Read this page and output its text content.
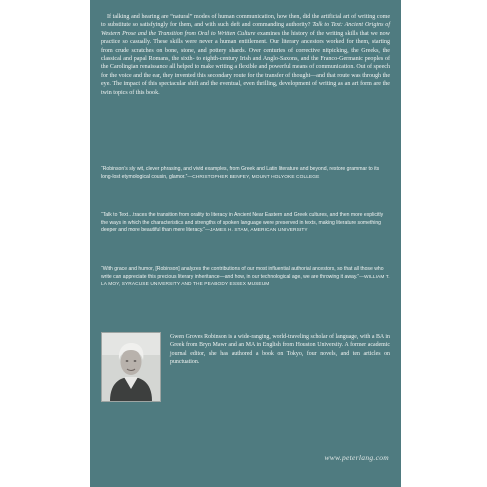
If talking and hearing are “natural” modes of human communication, how then, did the artificial art of writing come to substitute so satisfyingly for them, and with such deft and commanding authority? Talk to Text: Ancient Origins of Western Prose and the Transition from Oral to Written Culture examines the history of the writing skills that we now practice so casually. These skills were never a human entitlement. Our literary ancestors worked for them, starting from crude scratches on bone, stone, and pottery shards. Over centuries of corrective nitpicking, the Greeks, the classical and papal Romans, the sixth- to eighth-century Irish and Anglo-Saxons, and the Franco-Germanic peoples of the Carolingian renaissance all helped to make writing a flexible and powerful means of communication. Out of speech for the voice and the ear, they invented this secondary route for the transfer of thought—and that route was through the eye. The impact of this spectacular shift and the eventual, even thrilling, development of writing as an art form are the twin topics of this book.

“Robinson’s sly wit, clever phrasing, and vivid examples, from Greek and Latin literature and beyond, restore grammar to its long-lost etymological cousin, glamor.”—CHRISTOPHER BENFEY, MOUNT HOLYOKE COLLEGE

“Talk to Text…traces the transition from orality to literacy in Ancient Near Eastern and Greek cultures, and then more explicitly the ways in which the characteristics and strengths of spoken language were preserved in texts, making literature something deeper and more beautiful than mere literacy.”—JAMES H. STAM, AMERICAN UNIVERSITY

“With grace and humor, [Robinson] analyzes the contributions of our most influential authorial ancestors, so that all those who write can appreciate this precious literary inheritance—and how, in our technological age, we are throwing it away.”—WILLIAM T. LA MOY, SYRACUSE UNIVERSITY AND THE PEABODY ESSEX MUSEUM

Gwen Groves Robinson is a wide-ranging, world-traveling scholar of language, with a BA in Greek from Bryn Mawr and an MA in English from Houston University. A former academic journal editor, she has authored a book on Tokyo, four novels, and ten articles on punctuation.

www.peterlang.com
